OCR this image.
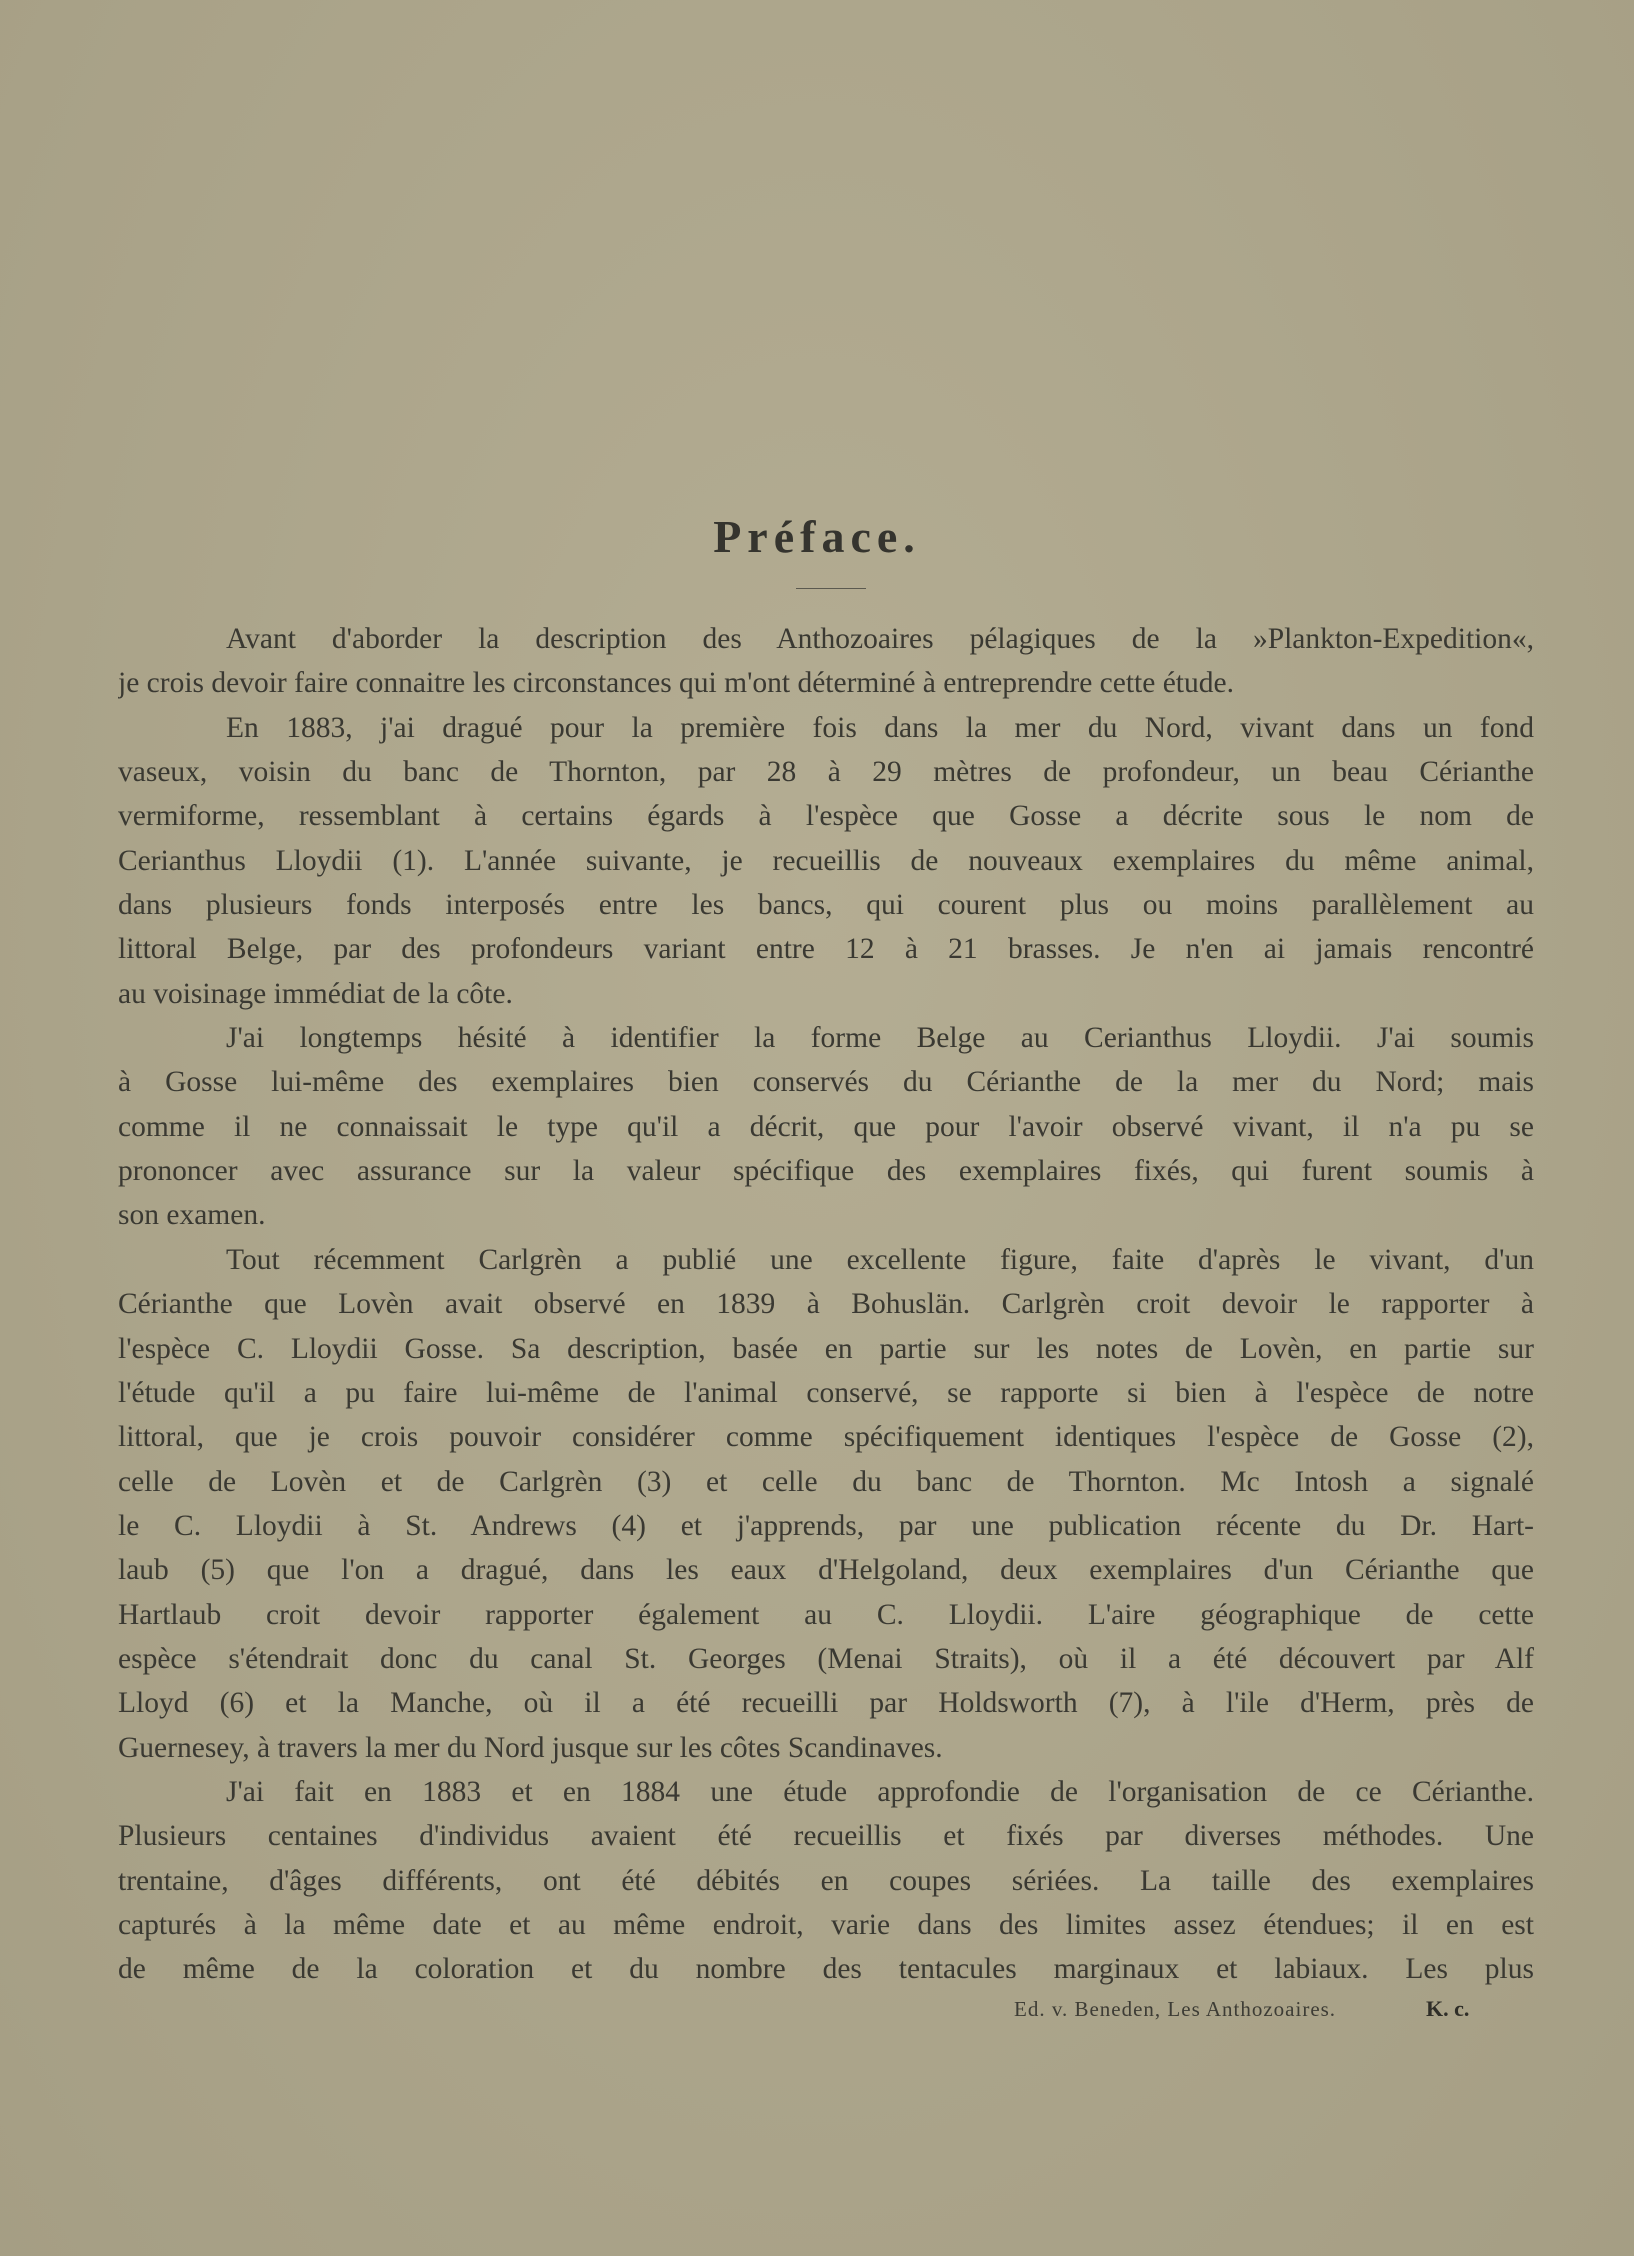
Préface.
Avant d'aborder la description des Anthozoaires pélagiques de la »Plankton-Expedition«,
je crois devoir faire connaitre les circonstances qui m'ont déterminé à entreprendre cette étude.
En 1883, j'ai dragué pour la première fois dans la mer du Nord, vivant dans un fond
vaseux, voisin du banc de Thornton, par 28 à 29 mètres de profondeur, un beau Cérianthe
vermiforme, ressemblant à certains égards à l'espèce que Gosse a décrite sous le nom de
Cerianthus Lloydii (1). L'année suivante, je recueillis de nouveaux exemplaires du même animal,
dans plusieurs fonds interposés entre les bancs, qui courent plus ou moins parallèlement au
littoral Belge, par des profondeurs variant entre 12 à 21 brasses. Je n'en ai jamais rencontré
au voisinage immédiat de la côte.
J'ai longtemps hésité à identifier la forme Belge au Cerianthus Lloydii. J'ai soumis
à Gosse lui-même des exemplaires bien conservés du Cérianthe de la mer du Nord; mais
comme il ne connaissait le type qu'il a décrit, que pour l'avoir observé vivant, il n'a pu se
prononcer avec assurance sur la valeur spécifique des exemplaires fixés, qui furent soumis à
son examen.
Tout récemment Carlgrèn a publié une excellente figure, faite d'après le vivant, d'un
Cérianthe que Lovèn avait observé en 1839 à Bohuslän. Carlgrèn croit devoir le rapporter à
l'espèce C. Lloydii Gosse. Sa description, basée en partie sur les notes de Lovèn, en partie sur
l'étude qu'il a pu faire lui-même de l'animal conservé, se rapporte si bien à l'espèce de notre
littoral, que je crois pouvoir considérer comme spécifiquement identiques l'espèce de Gosse (2),
celle de Lovèn et de Carlgrèn (3) et celle du banc de Thornton. Mc Intosh a signalé
le C. Lloydii à St. Andrews (4) et j'apprends, par une publication récente du Dr. Hart-
laub (5) que l'on a dragué, dans les eaux d'Helgoland, deux exemplaires d'un Cérianthe que
Hartlaub croit devoir rapporter également au C. Lloydii. L'aire géographique de cette
espèce s'étendrait donc du canal St. Georges (Menai Straits), où il a été découvert par Alf
Lloyd (6) et la Manche, où il a été recueilli par Holdsworth (7), à l'ile d'Herm, près de
Guernesey, à travers la mer du Nord jusque sur les côtes Scandinaves.
J'ai fait en 1883 et en 1884 une étude approfondie de l'organisation de ce Cérianthe.
Plusieurs centaines d'individus avaient été recueillis et fixés par diverses méthodes. Une
trentaine, d'âges différents, ont été débités en coupes sériées. La taille des exemplaires
capturés à la même date et au même endroit, varie dans des limites assez étendues; il en est
de même de la coloration et du nombre des tentacules marginaux et labiaux. Les plus
Ed. v. Beneden, Les Anthozoaires.	K. c.
